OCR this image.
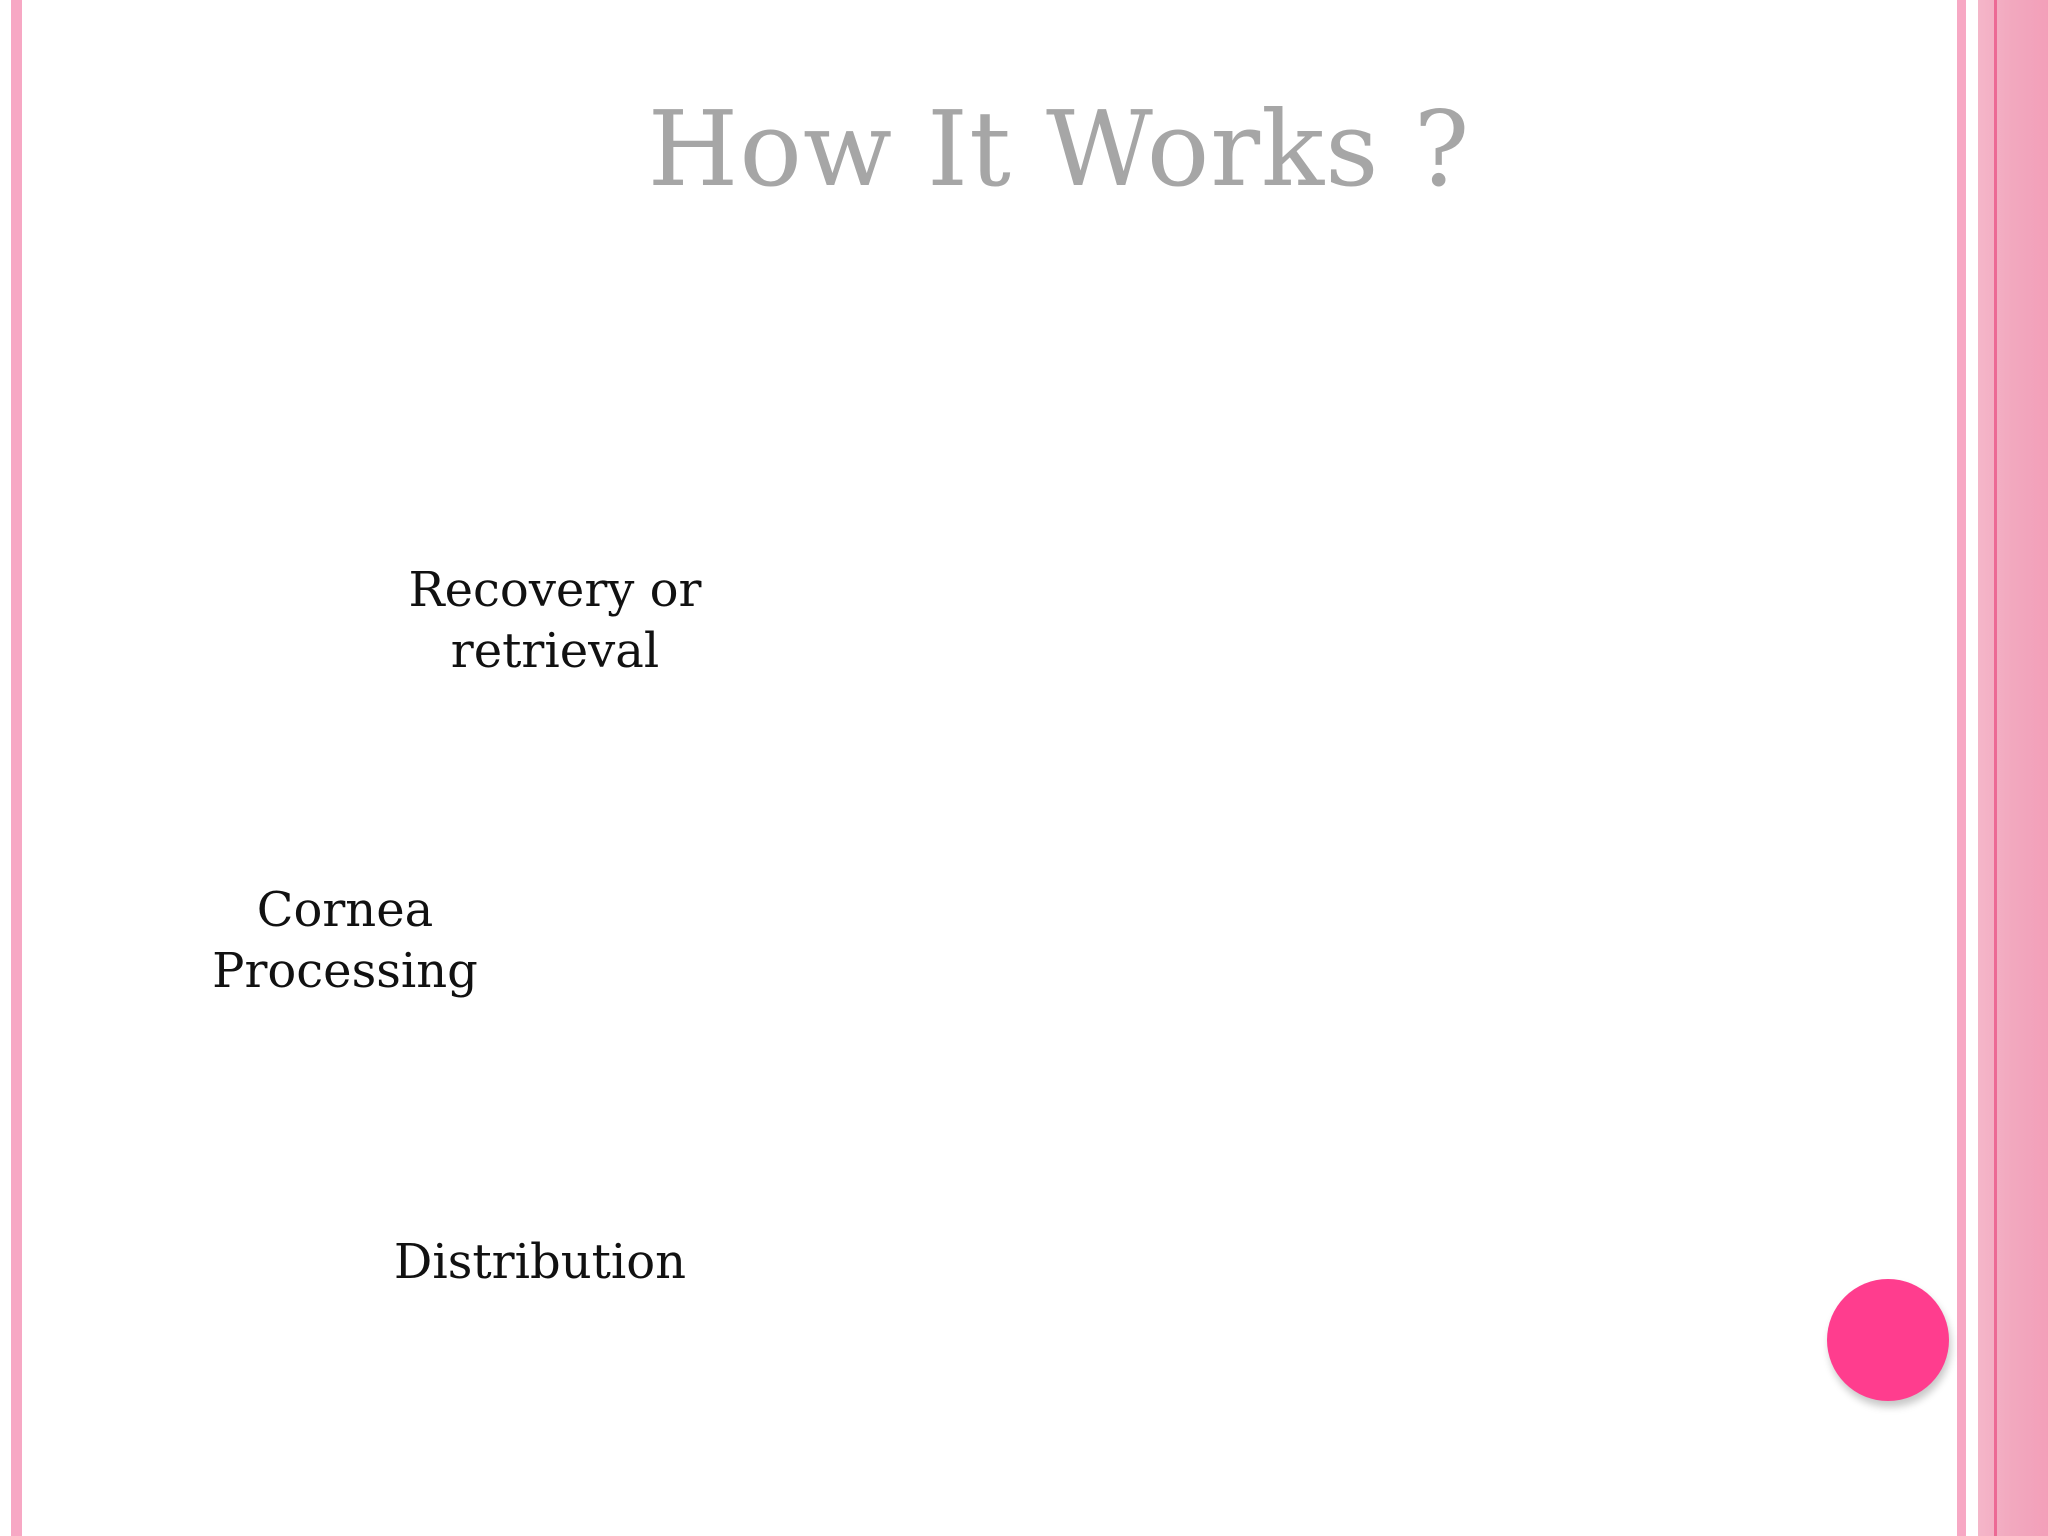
How It Works ?
Recovery or
retrieval
Cornea
Processing
Distribution
